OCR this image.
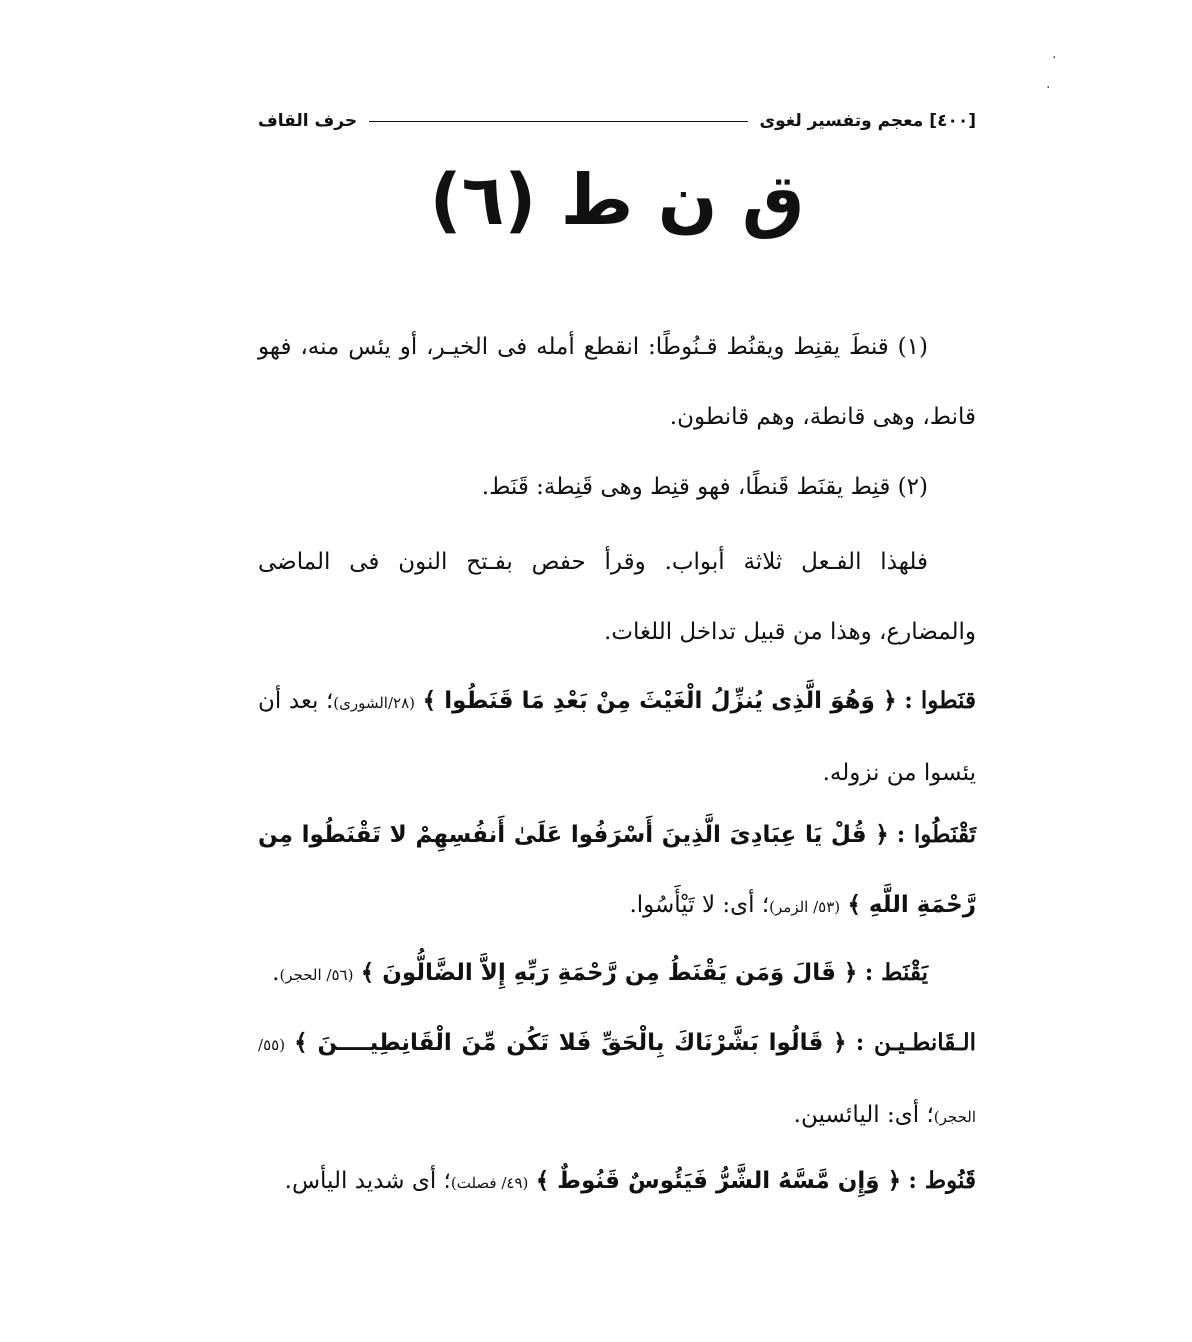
·
·
[٤٠٠]
معجم وتفسير لغوى
حرف القاف
ق ن ط (٦)
(١) قنطَ يقنِط ويقنُط قـنُوطًا: انقطع أمله فى الخيـر، أو يئس منه، فهو قانط، وهى قانطة، وهم قانطون.
(٢) قنِط يقنَط قَنطًا، فهو قنِط وهى قَنِطة: قَنَط.
فلهذا الفـعل ثلاثة أبواب. وقرأ حفص بفـتح النون فى الماضى والمضارع، وهذا من قبيل تداخل اللغات.
قنَطوا : ﴿ وَهُوَ الَّذِى يُنزِّلُ الْغَيْثَ مِنْ بَعْدِ مَا قَنَطُوا ﴾ (٢٨/الشورى)؛ بعد أن يئسوا من نزوله.
تَقْنَطُوا : ﴿ قُلْ يَا عِبَادِىَ الَّذِينَ أَسْرَفُوا عَلَىٰ أَنفُسِهِمْ لا تَقْنَطُوا مِن رَّحْمَةِ اللَّهِ ﴾ (٥٣/ الزمر)؛ أى: لا تَيْأَسُوا.
يَقْنَط : ﴿ قَالَ وَمَن يَقْنَطُ مِن رَّحْمَةِ رَبِّهِ إِلاَّ الضَّالُّونَ ﴾ (٥٦/ الحجر).
الـقَانطـيـن : ﴿ قَالُوا بَشَّرْنَاكَ بِالْحَقِّ فَلا تَكُن مِّنَ الْقَانِطِيــــنَ ﴾ (٥٥/ الحجر)؛ أى: اليائسين.
قَنُوط : ﴿ وَإِن مَّسَّهُ الشَّرُّ فَيَئُوسٌ قَنُوطٌ ﴾ (٤٩/ فصلت)؛ أى شديد اليأس.
